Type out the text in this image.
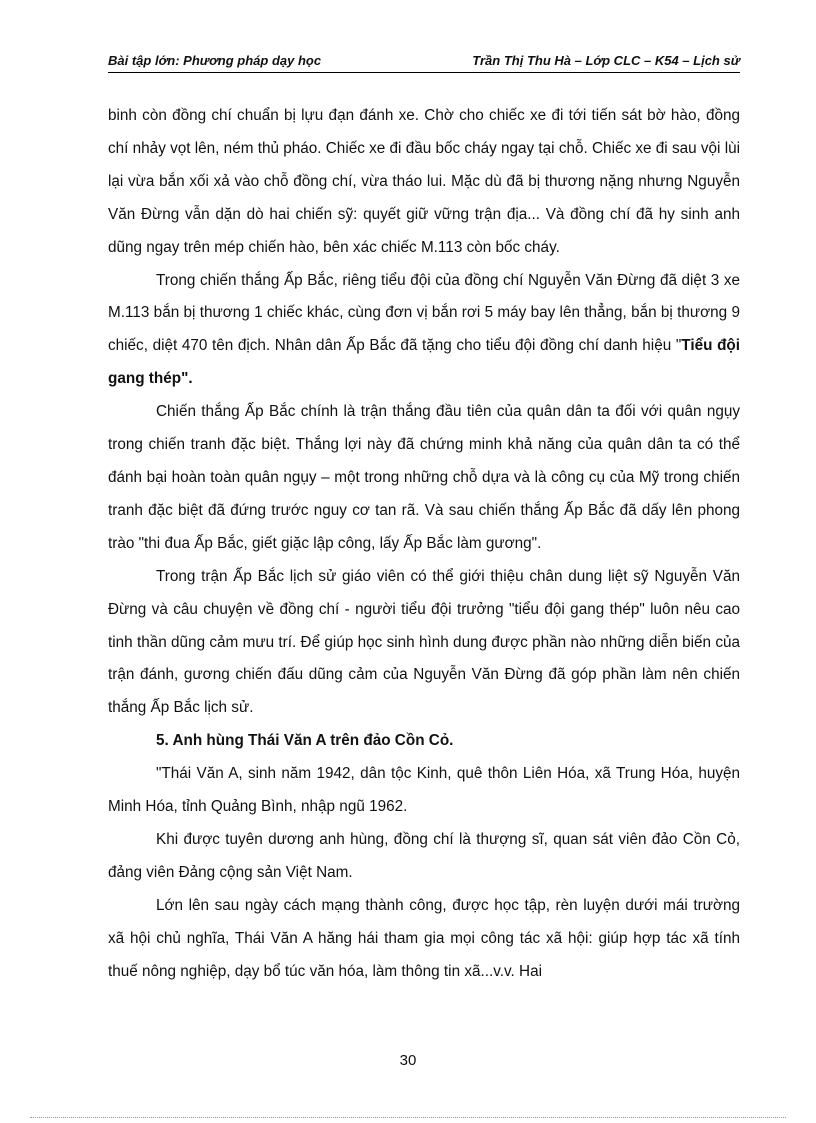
Bài tập lớn: Phương pháp dạy học	Trần Thị Thu Hà – Lớp CLC – K54 – Lịch sử

binh còn đồng chí chuẩn bị lựu đạn đánh xe. Chờ cho chiếc xe đi tới tiến sát bờ hào, đồng chí nhảy vọt lên, ném thủ pháo. Chiếc xe đi đầu bốc cháy ngay tại chỗ. Chiếc xe đi sau vội lùi lại vừa bắn xối xả vào chỗ đồng chí, vừa tháo lui. Mặc dù đã bị thương nặng nhưng Nguyễn Văn Đừng vẫn dặn dò hai chiến sỹ: quyết giữ vững trận địa... Và đồng chí đã hy sinh anh dũng ngay trên mép chiến hào, bên xác chiếc M.113 còn bốc cháy.

Trong chiến thắng Ấp Bắc, riêng tiểu đội của đồng chí Nguyễn Văn Đừng đã diệt 3 xe M.113 bắn bị thương 1 chiếc khác, cùng đơn vị bắn rơi 5 máy bay lên thẳng, bắn bị thương 9 chiếc, diệt 470 tên địch. Nhân dân Ấp Bắc đã tặng cho tiểu đội đồng chí danh hiệu "Tiểu đội gang thép".

Chiến thắng Ấp Bắc chính là trận thắng đầu tiên của quân dân ta đối với quân ngụy trong chiến tranh đặc biệt. Thắng lợi này đã chứng minh khả năng của quân dân ta có thể đánh bại hoàn toàn quân ngụy – một trong những chỗ dựa và là công cụ của Mỹ trong chiến tranh đặc biệt đã đứng trước nguy cơ tan rã. Và sau chiến thắng Ấp Bắc đã dấy lên phong trào "thi đua Ấp Bắc, giết giặc lập công, lấy Ấp Bắc làm gương".

Trong trận Ấp Bắc lịch sử giáo viên có thể giới thiệu chân dung liệt sỹ Nguyễn Văn Đừng và câu chuyện về đồng chí - người tiểu đội trưởng "tiểu đội gang thép" luôn nêu cao tinh thần dũng cảm mưu trí. Để giúp học sinh hình dung được phần nào những diễn biến của trận đánh, gương chiến đấu dũng cảm của Nguyễn Văn Đừng đã góp phần làm nên chiến thắng Ấp Bắc lịch sử.

5. Anh hùng Thái Văn A trên đảo Cồn Cỏ.

"Thái Văn A, sinh năm 1942, dân tộc Kinh, quê thôn Liên Hóa, xã Trung Hóa, huyện Minh Hóa, tỉnh Quảng Bình, nhập ngũ 1962.

Khi được tuyên dương anh hùng, đồng chí là thượng sĩ, quan sát viên đảo Cồn Cỏ, đảng viên Đảng cộng sản Việt Nam.

Lớn lên sau ngày cách mạng thành công, được học tập, rèn luyện dưới mái trường xã hội chủ nghĩa, Thái Văn A hăng hái tham gia mọi công tác xã hội: giúp hợp tác xã tính thuế nông nghiệp, dạy bổ túc văn hóa, làm thông tin xã...v.v. Hai

30
